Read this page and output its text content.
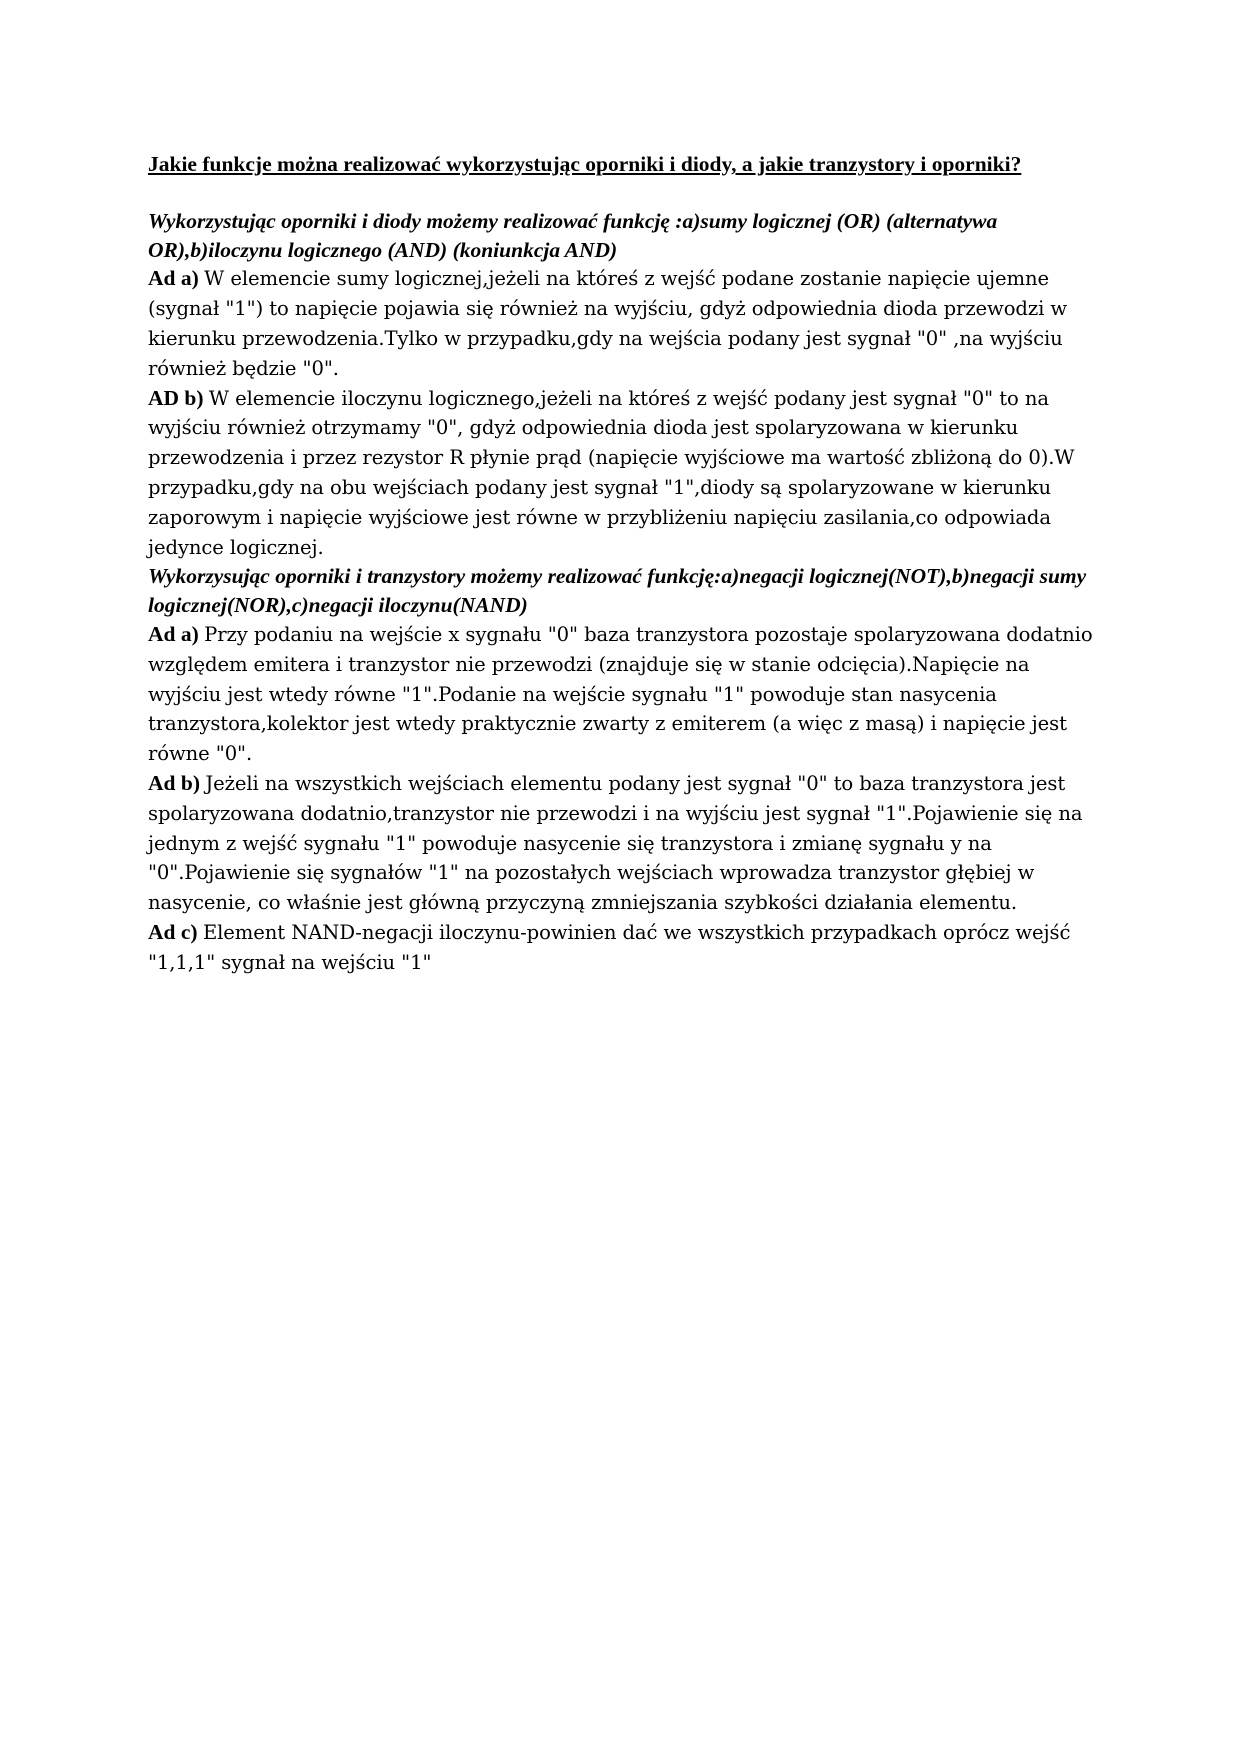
Jakie funkcje można realizować wykorzystując oporniki i diody, a jakie tranzystory i oporniki?

Wykorzystując oporniki i diody możemy realizować funkcję :a)sumy logicznej (OR) (alternatywa OR),b)iloczynu logicznego (AND) (koniunkcja AND)

Ad a) W elemencie sumy logicznej,jeżeli na któreś z wejść podane zostanie napięcie ujemne (sygnał "1") to napięcie pojawia się również na wyjściu, gdyż odpowiednia dioda przewodzi w kierunku przewodzenia.Tylko w przypadku,gdy na wejścia podany jest sygnał "0" ,na wyjściu również będzie "0".

AD b) W elemencie iloczynu logicznego,jeżeli na któreś z wejść podany jest sygnał "0" to na wyjściu również otrzymamy "0", gdyż odpowiednia dioda jest spolaryzowana w kierunku przewodzenia i przez rezystor R płynie prąd (napięcie wyjściowe ma wartość zbliżoną do 0).W przypadku,gdy na obu wejściach podany jest sygnał "1",diody są spolaryzowane w kierunku zaporowym i napięcie wyjściowe jest równe w przybliżeniu napięciu zasilania,co odpowiada jedynce logicznej.

Wykorzysując oporniki i tranzystory możemy realizować funkcję:a)negacji logicznej(NOT),b)negacji sumy logicznej(NOR),c)negacji iloczynu(NAND)

Ad a) Przy podaniu na wejście x sygnału "0" baza tranzystora pozostaje spolaryzowana dodatnio względem emitera i tranzystor nie przewodzi (znajduje się w stanie odcięcia).Napięcie na wyjściu jest wtedy równe "1".Podanie na wejście sygnału "1" powoduje stan nasycenia tranzystora,kolektor jest wtedy praktycznie zwarty z emiterem (a więc z masą) i napięcie jest równe "0".

Ad b) Jeżeli na wszystkich wejściach elementu podany jest sygnał "0" to baza tranzystora jest spolaryzowana dodatnio,tranzystor nie przewodzi i na wyjściu jest sygnał "1".Pojawienie się na jednym z wejść sygnału "1" powoduje nasycenie się tranzystora i zmianę sygnału y na "0".Pojawienie się sygnałów "1" na pozostałych wejściach wprowadza tranzystor głębiej w nasycenie, co właśnie jest główną przyczyną zmniejszania szybkości działania elementu.

Ad c) Element NAND-negacji iloczynu-powinien dać we wszystkich przypadkach oprócz wejść "1,1,1" sygnał na wejściu "1"
